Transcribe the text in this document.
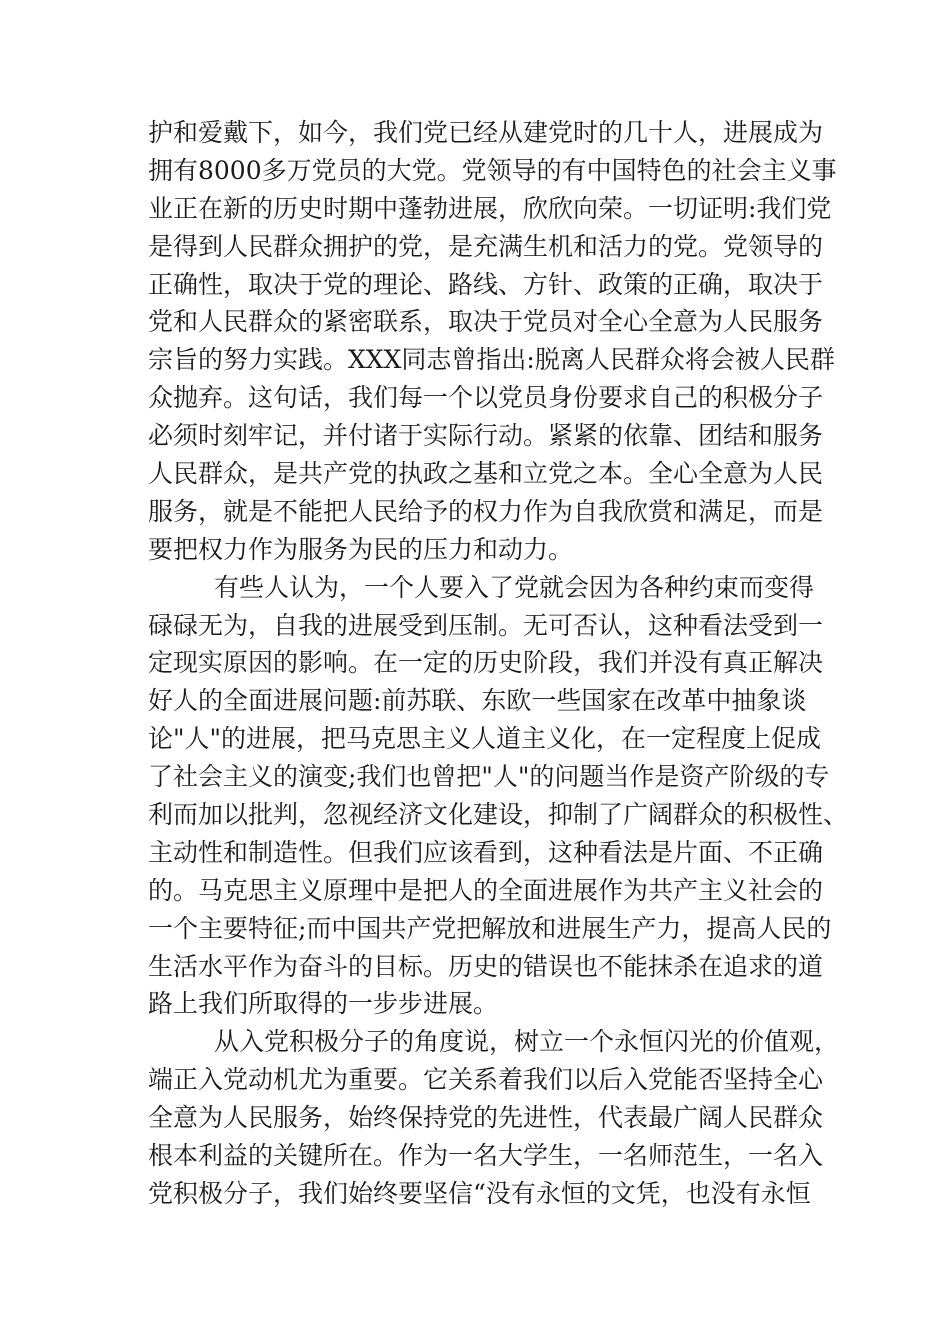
护和爱戴下，如今，我们党已经从建党时的几十人，进展成为
拥有8000多万党员的大党。党领导的有中国特色的社会主义事
业正在新的历史时期中蓬勃进展，欣欣向荣。一切证明:我们党
是得到人民群众拥护的党，是充满生机和活力的党。党领导的
正确性，取决于党的理论、路线、方针、政策的正确，取决于
党和人民群众的紧密联系，取决于党员对全心全意为人民服务
宗旨的努力实践。XXX同志曾指出:脱离人民群众将会被人民群
众抛弃。这句话，我们每一个以党员身份要求自己的积极分子
必须时刻牢记，并付诸于实际行动。紧紧的依靠、团结和服务
人民群众，是共产党的执政之基和立党之本。全心全意为人民
服务，就是不能把人民给予的权力作为自我欣赏和满足，而是
要把权力作为服务为民的压力和动力。
有些人认为，一个人要入了党就会因为各种约束而变得
碌碌无为，自我的进展受到压制。无可否认，这种看法受到一
定现实原因的影响。在一定的历史阶段，我们并没有真正解决
好人的全面进展问题:前苏联、东欧一些国家在改革中抽象谈
论"人"的进展，把马克思主义人道主义化，在一定程度上促成
了社会主义的演变;我们也曾把"人"的问题当作是资产阶级的专
利而加以批判，忽视经济文化建设，抑制了广阔群众的积极性、
主动性和制造性。但我们应该看到，这种看法是片面、不正确
的。马克思主义原理中是把人的全面进展作为共产主义社会的
一个主要特征;而中国共产党把解放和进展生产力，提高人民的
生活水平作为奋斗的目标。历史的错误也不能抹杀在追求的道
路上我们所取得的一步步进展。
从入党积极分子的角度说，树立一个永恒闪光的价值观，
端正入党动机尤为重要。它关系着我们以后入党能否坚持全心
全意为人民服务，始终保持党的先进性，代表最广阔人民群众
根本利益的关键所在。作为一名大学生，一名师范生，一名入
党积极分子，我们始终要坚信“没有永恒的文凭，也没有永恒
